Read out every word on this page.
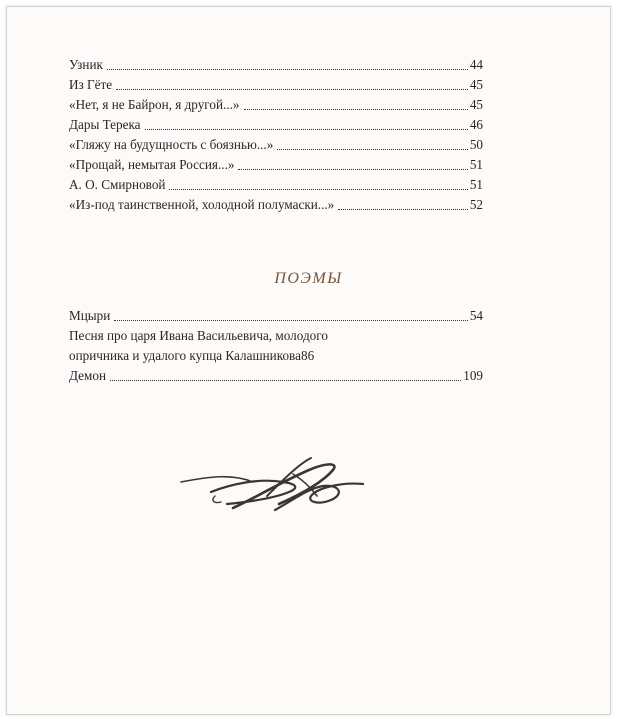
Узник	44
Из Гёте	45
«Нет, я не Байрон, я другой...»	45
Дары Терека	46
«Гляжу на будущность с боязнью...»	50
«Прощай, немытая Россия...»	51
А. О. Смирновой	51
«Из-под таинственной, холодной полумаски...»	52
ПОЭМЫ
Мцыри	54
Песня про царя Ивана Васильевича, молодого
опричника и удалого купца Калашникова 86
Демон	109
